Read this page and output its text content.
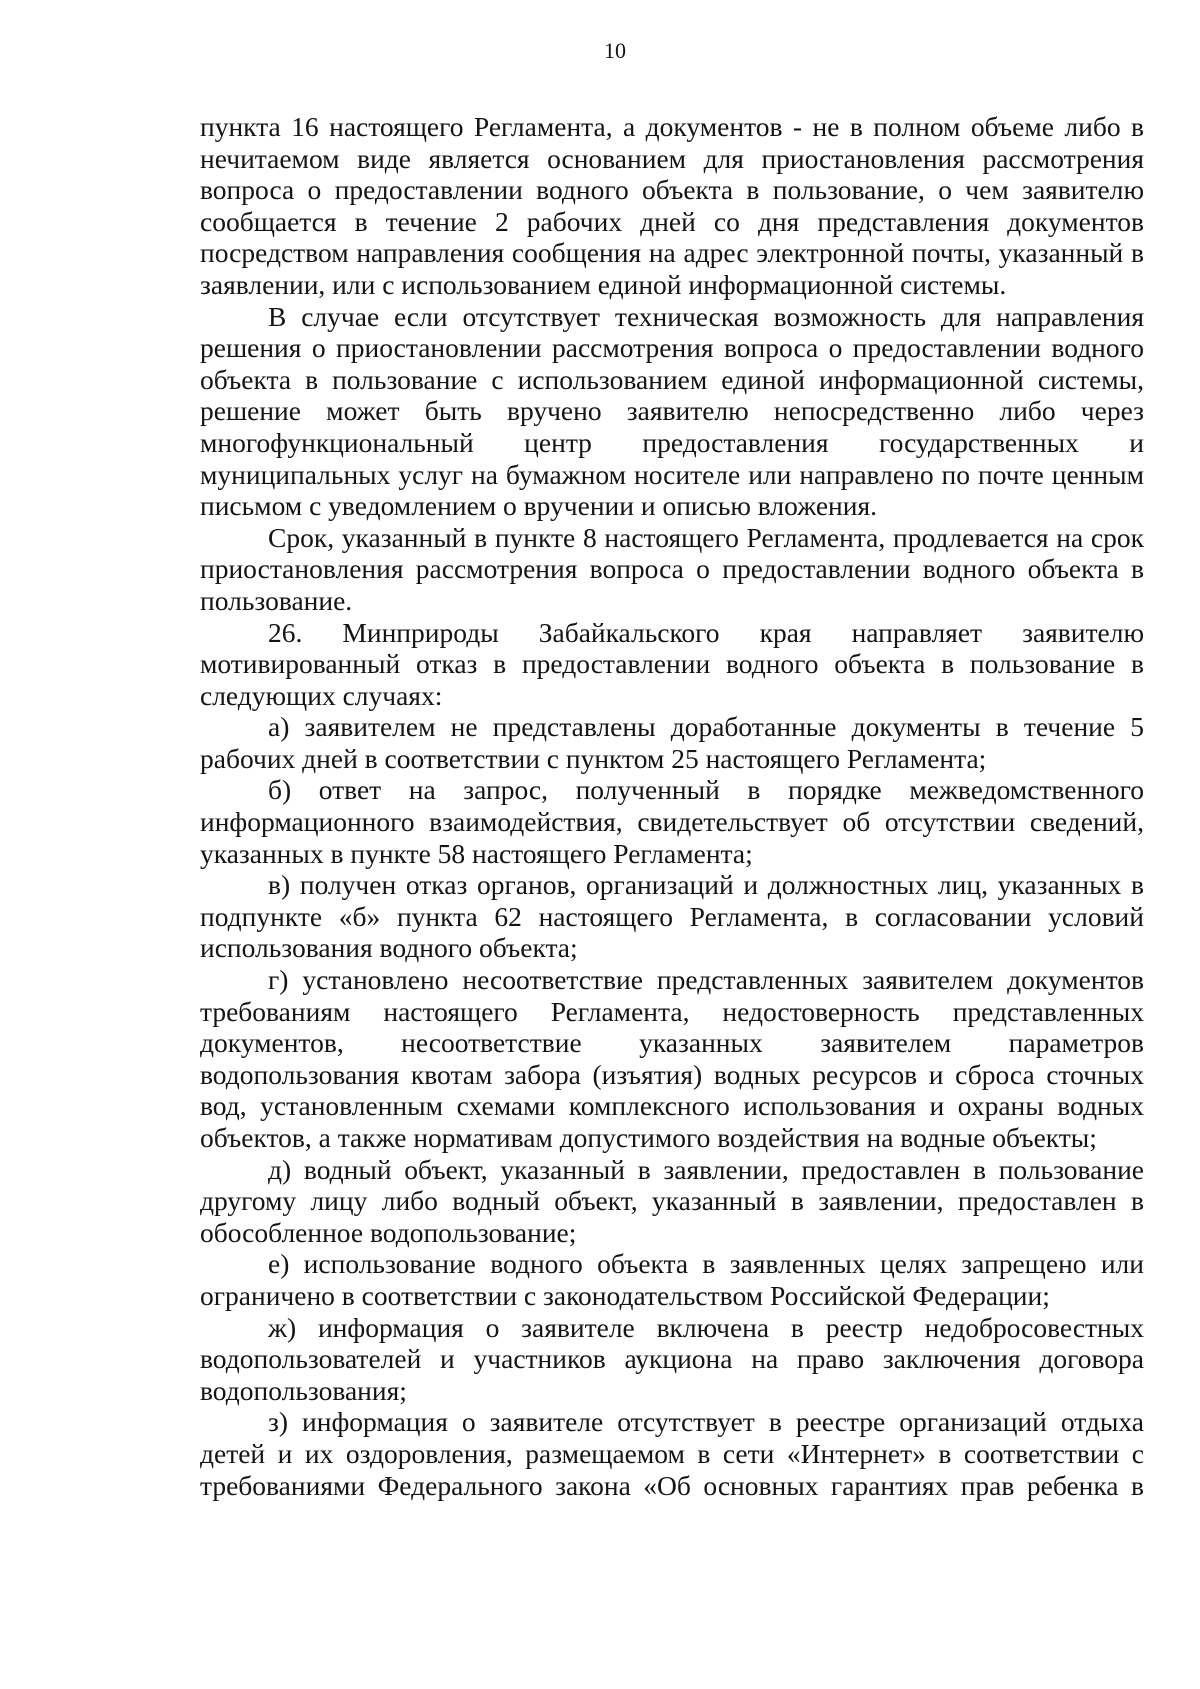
10

пункта 16 настоящего Регламента, а документов - не в полном объеме либо в нечитаемом виде является основанием для приостановления рассмотрения вопроса о предоставлении водного объекта в пользование, о чем заявителю сообщается в течение 2 рабочих дней со дня представления документов посредством направления сообщения на адрес электронной почты, указанный в заявлении, или с использованием единой информационной системы.

В случае если отсутствует техническая возможность для направления решения о приостановлении рассмотрения вопроса о предоставлении водного объекта в пользование с использованием единой информационной системы, решение может быть вручено заявителю непосредственно либо через многофункциональный центр предоставления государственных и муниципальных услуг на бумажном носителе или направлено по почте ценным письмом с уведомлением о вручении и описью вложения.

Срок, указанный в пункте 8 настоящего Регламента, продлевается на срок приостановления рассмотрения вопроса о предоставлении водного объекта в пользование.

26. Минприроды Забайкальского края направляет заявителю мотивированный отказ в предоставлении водного объекта в пользование в следующих случаях:

а) заявителем не представлены доработанные документы в течение 5 рабочих дней в соответствии с пунктом 25 настоящего Регламента;

б) ответ на запрос, полученный в порядке межведомственного информационного взаимодействия, свидетельствует об отсутствии сведений, указанных в пункте 58 настоящего Регламента;

в) получен отказ органов, организаций и должностных лиц, указанных в подпункте «б» пункта 62 настоящего Регламента, в согласовании условий использования водного объекта;

г) установлено несоответствие представленных заявителем документов требованиям настоящего Регламента, недостоверность представленных документов, несоответствие указанных заявителем параметров водопользования квотам забора (изъятия) водных ресурсов и сброса сточных вод, установленным схемами комплексного использования и охраны водных объектов, а также нормативам допустимого воздействия на водные объекты;

д) водный объект, указанный в заявлении, предоставлен в пользование другому лицу либо водный объект, указанный в заявлении, предоставлен в обособленное водопользование;

е) использование водного объекта в заявленных целях запрещено или ограничено в соответствии с законодательством Российской Федерации;

ж) информация о заявителе включена в реестр недобросовестных водопользователей и участников аукциона на право заключения договора водопользования;

з) информация о заявителе отсутствует в реестре организаций отдыха детей и их оздоровления, размещаемом в сети «Интернет» в соответствии с требованиями Федерального закона «Об основных гарантиях прав ребенка в
